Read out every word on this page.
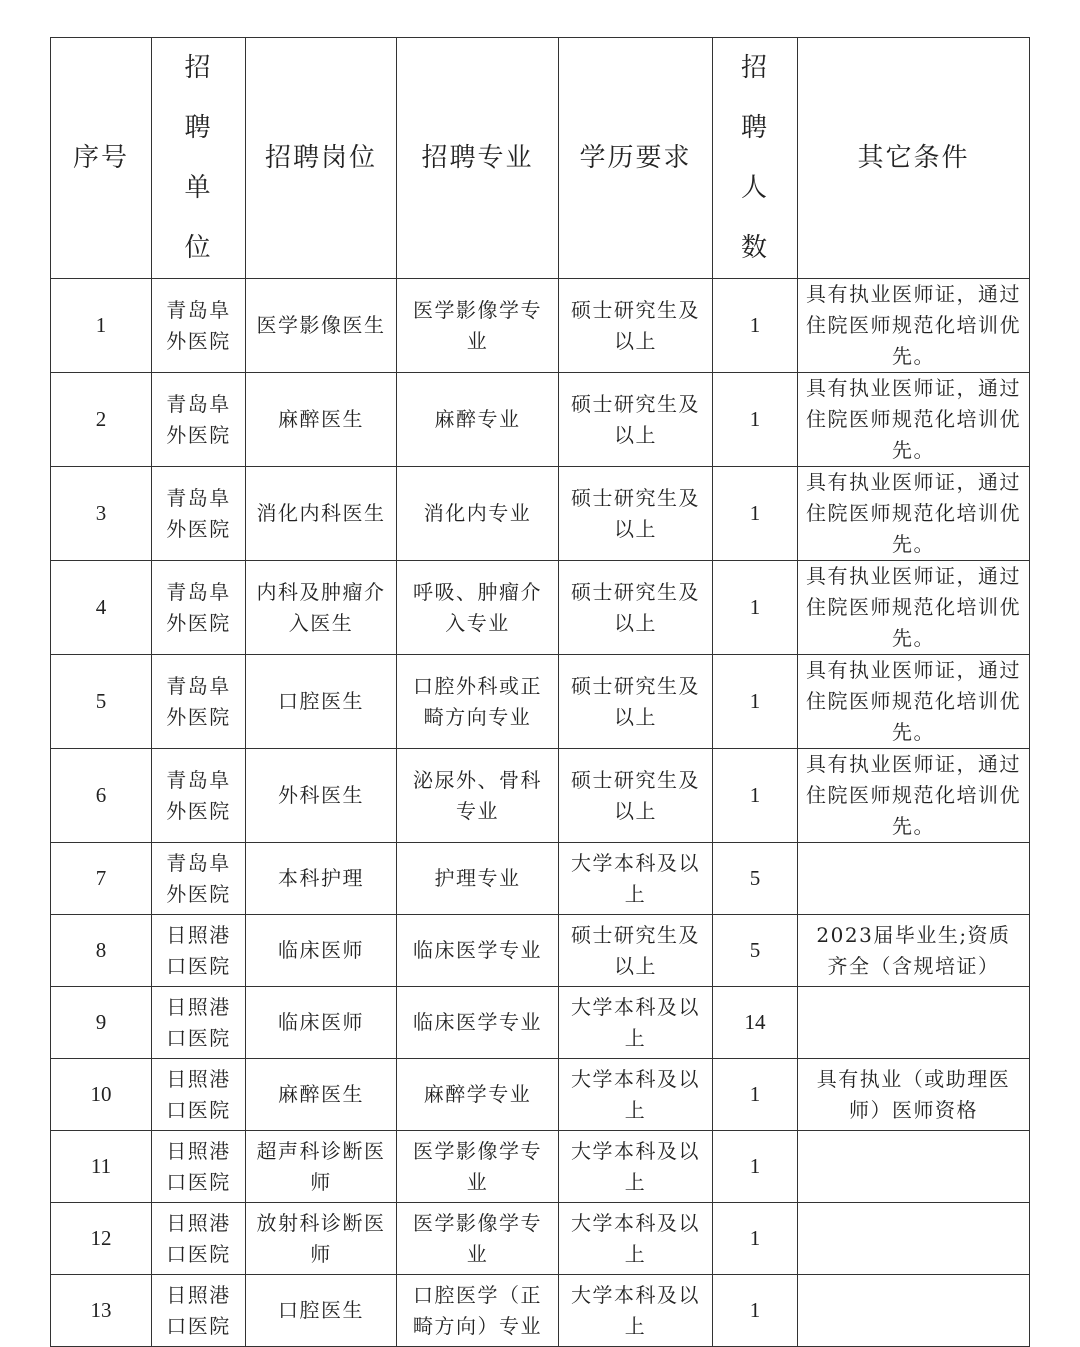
序号	招聘单位	招聘岗位	招聘专业	学历要求	招聘人数	其它条件
1	青岛阜外医院	医学影像医生	医学影像学专业	硕士研究生及以上	1	具有执业医师证，通过住院医师规范化培训优先。
2	青岛阜外医院	麻醉医生	麻醉专业	硕士研究生及以上	1	具有执业医师证，通过住院医师规范化培训优先。
3	青岛阜外医院	消化内科医生	消化内专业	硕士研究生及以上	1	具有执业医师证，通过住院医师规范化培训优先。
4	青岛阜外医院	内科及肿瘤介入医生	呼吸、肿瘤介入专业	硕士研究生及以上	1	具有执业医师证，通过住院医师规范化培训优先。
5	青岛阜外医院	口腔医生	口腔外科或正畸方向专业	硕士研究生及以上	1	具有执业医师证，通过住院医师规范化培训优先。
6	青岛阜外医院	外科医生	泌尿外、骨科专业	硕士研究生及以上	1	具有执业医师证，通过住院医师规范化培训优先。
7	青岛阜外医院	本科护理	护理专业	大学本科及以上	5	
8	日照港口医院	临床医师	临床医学专业	硕士研究生及以上	5	2023届毕业生;资质齐全（含规培证）
9	日照港口医院	临床医师	临床医学专业	大学本科及以上	14	
10	日照港口医院	麻醉医生	麻醉学专业	大学本科及以上	1	具有执业（或助理医师）医师资格
11	日照港口医院	超声科诊断医师	医学影像学专业	大学本科及以上	1	
12	日照港口医院	放射科诊断医师	医学影像学专业	大学本科及以上	1	
13	日照港口医院	口腔医生	口腔医学（正畸方向）专业	大学本科及以上	1	
